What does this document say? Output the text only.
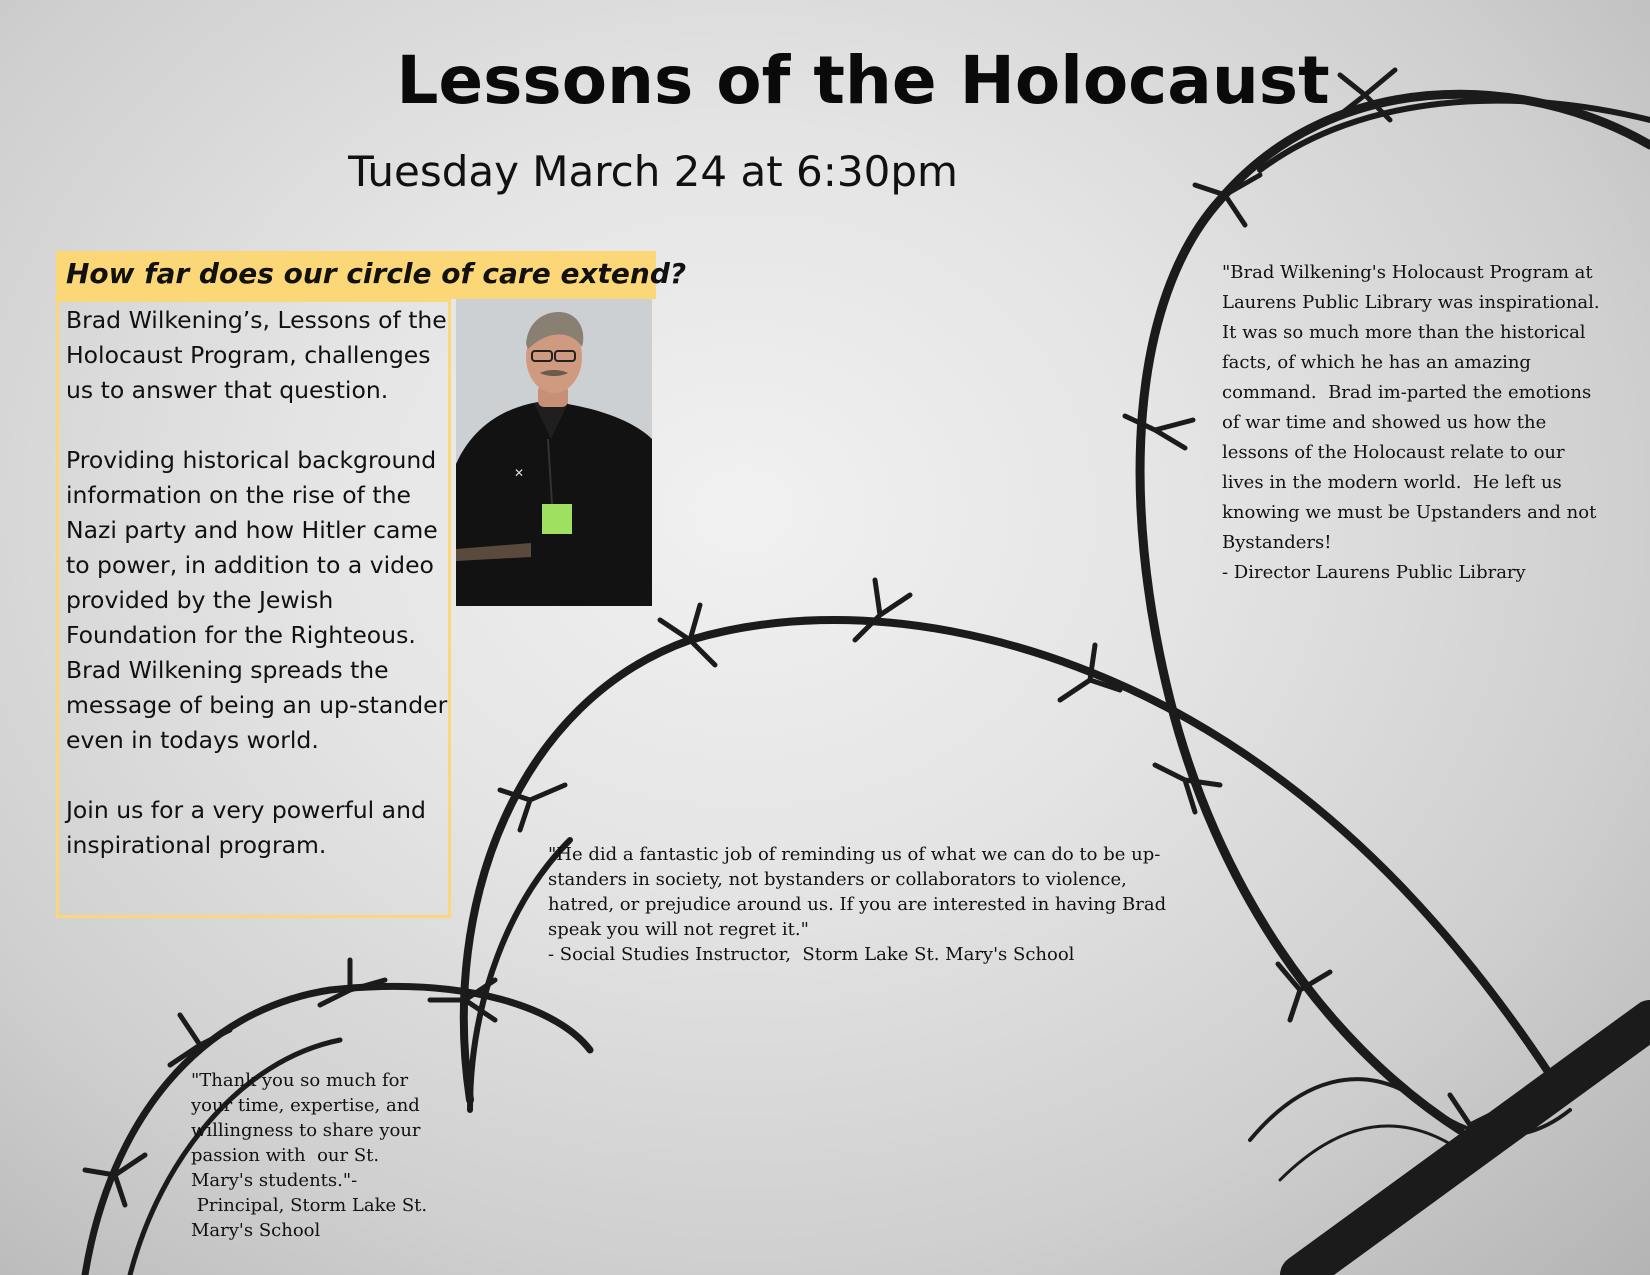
Lessons of the Holocaust
Tuesday March 24 at 6:30pm
How far does our circle of care extend?

Brad Wilkening’s, Lessons of the Holocaust Program, challenges us to answer that question.

Providing historical background information on the rise of the Nazi party and how Hitler came to power, in addition to a video provided by the Jewish Foundation for the Righteous. Brad Wilkening spreads the message of being an up-stander even in todays world.

Join us for a very powerful and inspirational program.

✕
"Brad Wilkening's Holocaust Program at Laurens Public Library was inspirational.  It was so much more than the historical facts, of which he has an amazing command.  Brad im-parted the emotions of war time and showed us how the lessons of the Holocaust relate to our lives in the modern world.  He left us knowing we must be Upstanders and not Bystanders!
- Director Laurens Public Library
"He did a fantastic job of reminding us of what we can do to be up-standers in society, not bystanders or collaborators to violence, hatred, or prejudice around us. If you are interested in having Brad speak you will not regret it."
- Social Studies Instructor,  Storm Lake St. Mary's School
"Thank you so much for your time, expertise, and willingness to share your passion with  our St. Mary's students."-
Principal, Storm Lake St. Mary's School
